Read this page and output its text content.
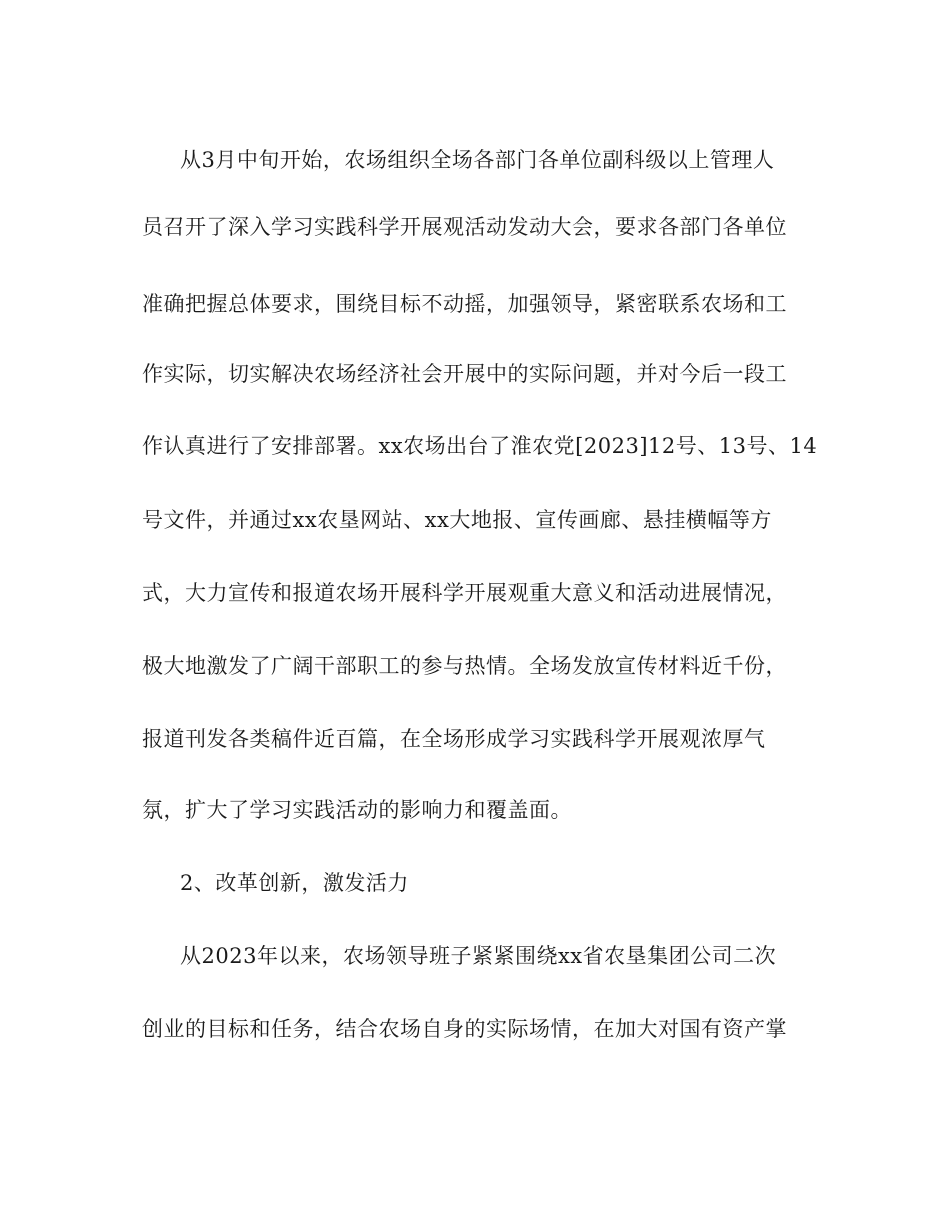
从3月中旬开始，农场组织全场各部门各单位副科级以上管理人
员召开了深入学习实践科学开展观活动发动大会，要求各部门各单位
准确把握总体要求，围绕目标不动摇，加强领导，紧密联系农场和工
作实际，切实解决农场经济社会开展中的实际问题，并对今后一段工
作认真进行了安排部署。xx农场出台了淮农党[2023]12号、13号、14
号文件，并通过xx农垦网站、xx大地报、宣传画廊、悬挂横幅等方
式，大力宣传和报道农场开展科学开展观重大意义和活动进展情况，
极大地激发了广阔干部职工的参与热情。全场发放宣传材料近千份，
报道刊发各类稿件近百篇，在全场形成学习实践科学开展观浓厚气
氛，扩大了学习实践活动的影响力和覆盖面。
2、改革创新，激发活力
从2023年以来，农场领导班子紧紧围绕xx省农垦集团公司二次
创业的目标和任务，结合农场自身的实际场情，在加大对国有资产掌
